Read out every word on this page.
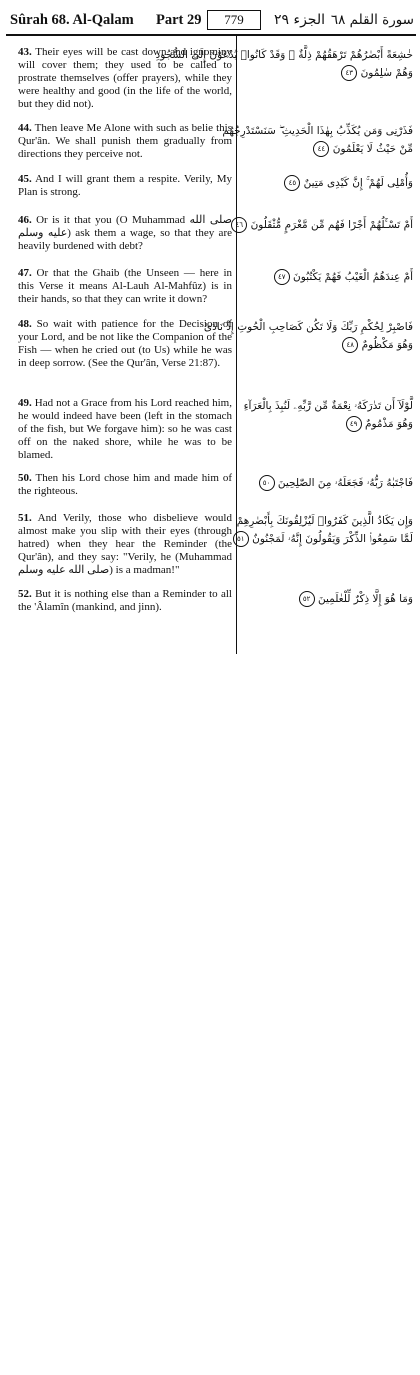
Sûrah 68. Al-Qalam Part 29	779	الجزء ٢٩ سورة القلم ٦٨
43. Their eyes will be cast down and ignominy will cover them; they used to be called to prostrate themselves (offer prayers), while they were healthy and good (in the life of the world, but they did not).
خٰشِعَةً أَبْصٰرُهُمْ تَرْهَقُهُمْ ذِلَّةٌ ۖ وَقَدْ كَانُوا۟ يُدْعَوْنَ إِلَى السُّجُودِ
وَهُمْ سٰلِمُونَ ٤٣
44. Then leave Me Alone with such as belie this Qur'ân. We shall punish them gradually from directions they perceive not.
فَذَرْنِى وَمَن يُكَذِّبُ بِهٰذَا الْحَدِيثِ ۖ سَنَسْتَدْرِجُهُم
مِّنْ حَيْثُ لَا يَعْلَمُونَ ٤٤
45. And I will grant them a respite. Verily, My Plan is strong.
وَأُمْلِى لَهُمْ ۚ إِنَّ كَيْدِى مَتِينٌ ٤٥
46. Or is it that you (O Muhammad صلى الله عليه وسلم) ask them a wage, so that they are heavily burdened with debt?
أَمْ تَسْـَٔلُهُمْ أَجْرًا فَهُم مِّن مَّغْرَمٍ مُّثْقَلُونَ ٤٦
47. Or that the Ghaib (the Unseen — here in this Verse it means Al-Lauh Al-Mahfûz) is in their hands, so that they can write it down?
أَمْ عِندَهُمُ الْغَيْبُ فَهُمْ يَكْتُبُونَ ٤٧
48. So wait with patience for the Decision of your Lord, and be not like the Companion of the Fish — when he cried out (to Us) while he was in deep sorrow. (See the Qur'ân, Verse 21:87).
فَاصْبِرْ لِحُكْمِ رَبِّكَ وَلَا تَكُن كَصَاحِبِ الْحُوتِ إِذْ نَادَىٰ
وَهُوَ مَكْظُومٌ ٤٨
49. Had not a Grace from his Lord reached him, he would indeed have been (left in the stomach of the fish, but We forgave him): so he was cast off on the naked shore, while he was to be blamed.
لَّوْلَآ أَن تَدٰرَكَهُۥ نِعْمَةٌ مِّن رَّبِّهِۦ لَنُبِذَ بِالْعَرَآءِ
وَهُوَ مَذْمُومٌ ٤٩
50. Then his Lord chose him and made him of the righteous.
فَاجْتَبٰهُ رَبُّهُۥ فَجَعَلَهُۥ مِنَ الصّٰلِحِينَ ٥٠
51. And Verily, those who disbelieve would almost make you slip with their eyes (through hatred) when they hear the Reminder (the Qur'ân), and they say: "Verily, he (Muhammad صلى الله عليه وسلم) is a madman!"
وَإِن يَكَادُ الَّذِينَ كَفَرُوا۟ لَيُزْلِقُونَكَ بِأَبْصٰرِهِمْ
لَمَّا سَمِعُوا۟ الذِّكْرَ وَيَقُولُونَ إِنَّهُۥ لَمَجْنُونٌ ٥١
52. But it is nothing else than a Reminder to all the 'Âlamîn (mankind, and jinn).
وَمَا هُوَ إِلَّا ذِكْرٌ لِّلْعٰلَمِينَ ٥٢
